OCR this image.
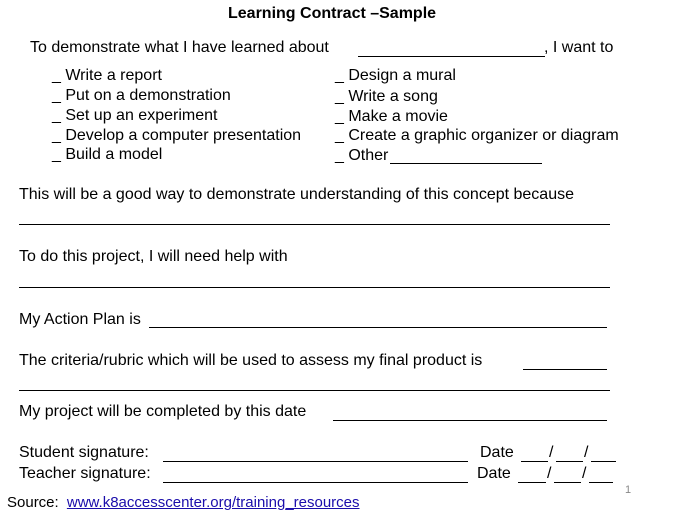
Learning Contract –Sample
To demonstrate what I have learned about	, I want to
_ Write a report
_ Put on a demonstration
_ Set up an experiment
_ Develop a computer presentation
_ Build a model
_ Design a mural
_ Write a song
_ Make a movie
_ Create a graphic organizer or diagram
_ Other
This will be a good way to demonstrate understanding of this concept because
To do this project, I will need help with
My Action Plan is
The criteria/rubric which will be used to assess my final product is
My project will be completed by this date
Student signature:	Date / /
Teacher signature:	Date / /
Source: www.k8accesscenter.org/training_resources
1
